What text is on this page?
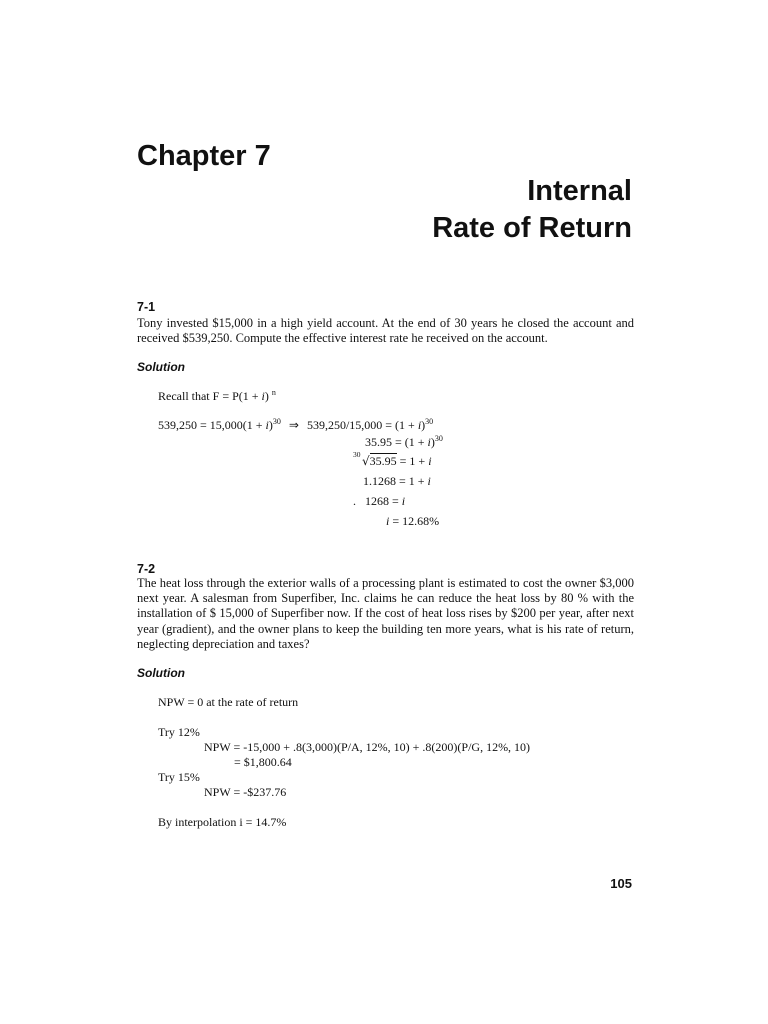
Chapter 7
Internal
Rate of Return
7-1
Tony invested $15,000 in a high yield account. At the end of 30 years he closed the account and received $539,250. Compute the effective interest rate he received on the account.
Solution
Recall that F = P(1 + i) $^n$
$539,250 = 15,000(1 + i)^{30}$ ⇒ $539,250/15,000 = (1 + i)^{30}$
$35.95 = (1 + i)^{30}$
30 √35.95 = 1 + i
1.1268 = 1 + i
. 1268 = i
i = 12.68%
7-2
The heat loss through the exterior walls of a processing plant is estimated to cost the owner $3,000 next year. A salesman from Superfiber, Inc. claims he can reduce the heat loss by 80 % with the installation of $ 15,000 of Superfiber now. If the cost of heat loss rises by $200 per year, after next year (gradient), and the owner plans to keep the building ten more years, what is his rate of return, neglecting depreciation and taxes?
Solution
NPW = 0 at the rate of return
Try 12%
NPW = -15,000 + .8(3,000)(P/A, 12%, 10) + .8(200)(P/G, 12%, 10)
= $1,800.64
Try 15%
NPW = -$237.76
By interpolation i = 14.7%
105
